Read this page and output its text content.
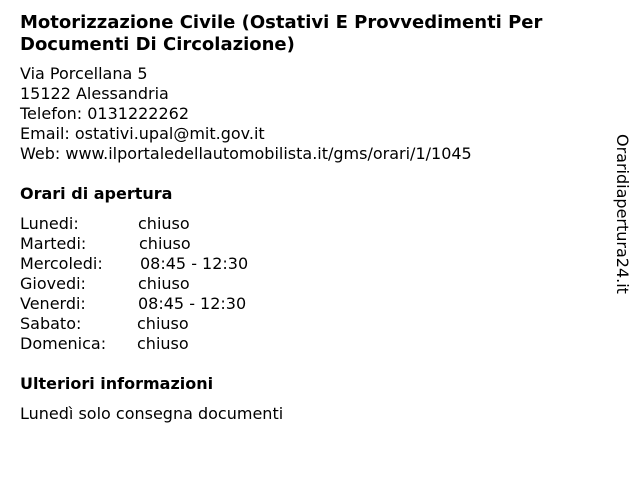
Motorizzazione Civile (Ostativi E Provvedimenti Per Documenti Di Circolazione)
Via Porcellana 5
15122 Alessandria
Telefon: 0131222262
Email: ostativi.upal@mit.gov.it
Web: www.ilportaledellautomobilista.it/gms/orari/1/1045
Orari di apertura
Lunedi:	chiuso
Martedi:	chiuso
Mercoledi: 08:45 - 12:30
Giovedi:	chiuso
Venerdi:	08:45 - 12:30
Sabato:	chiuso
Domenica: chiuso
Ulteriori informazioni
Lunedì solo consegna documenti
Oraridiapertura24.it
